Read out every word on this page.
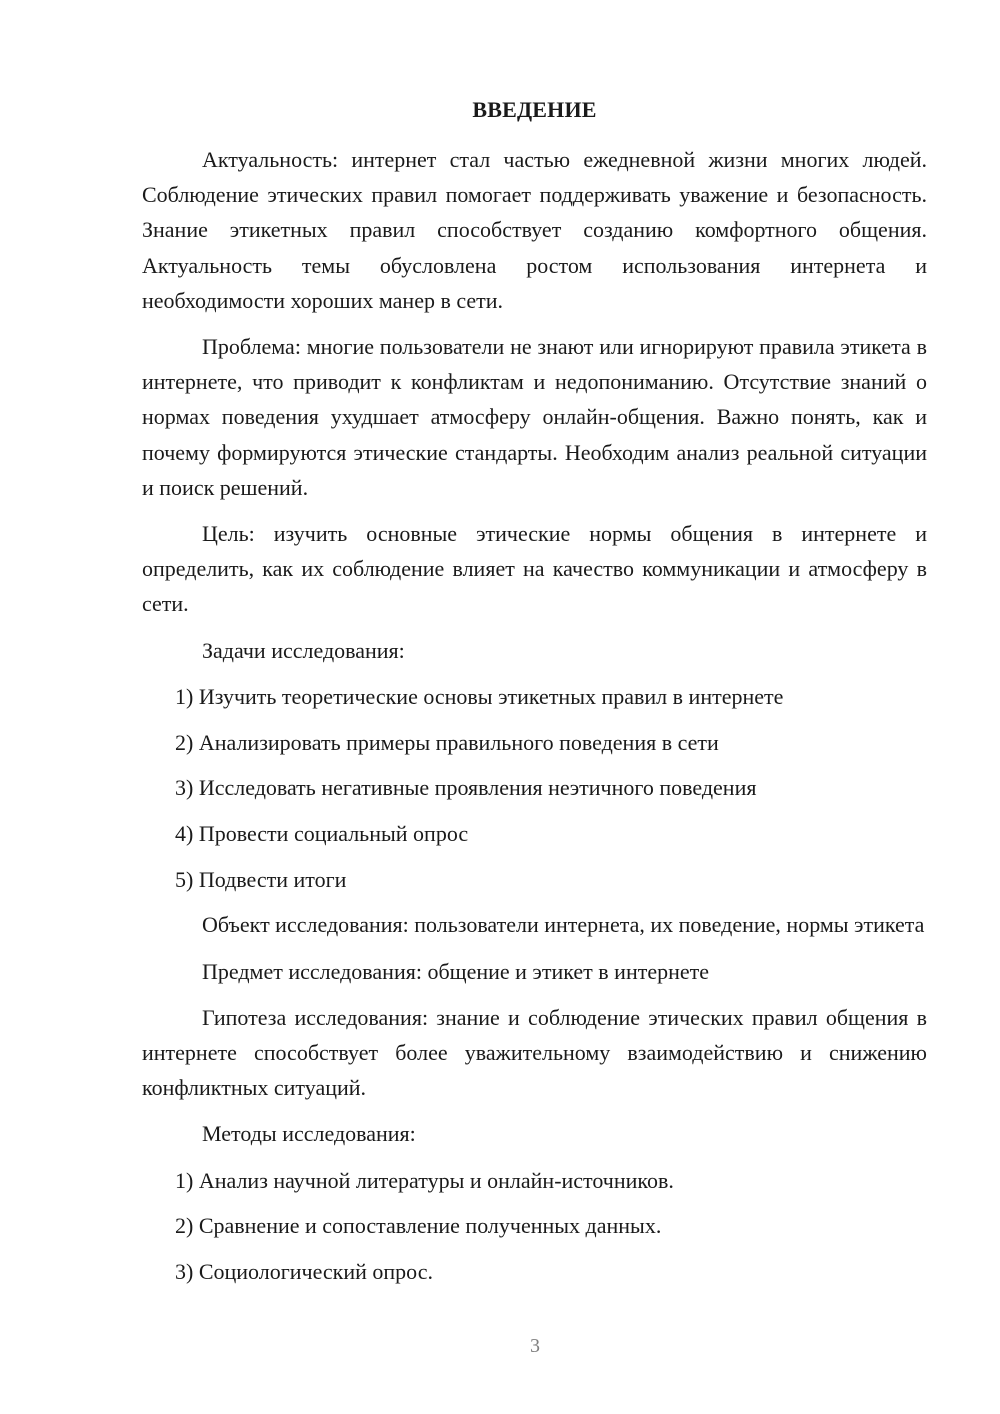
ВВЕДЕНИЕ

Актуальность: интернет стал частью ежедневной жизни многих людей. Соблюдение этических правил помогает поддерживать уважение и безопасность. Знание этикетных правил способствует созданию комфортного общения. Актуальность темы обусловлена ростом использования интернета и необходимости хороших манер в сети.

Проблема: многие пользователи не знают или игнорируют правила этикета в интернете, что приводит к конфликтам и недопониманию. Отсутствие знаний о нормах поведения ухудшает атмосферу онлайн-общения. Важно понять, как и почему формируются этические стандарты. Необходим анализ реальной ситуации и поиск решений.

Цель: изучить основные этические нормы общения в интернете и определить, как их соблюдение влияет на качество коммуникации и атмосферу в сети.

Задачи исследования:

1) Изучить теоретические основы этикетных правил в интернете
2) Анализировать примеры правильного поведения в сети
3) Исследовать негативные проявления неэтичного поведения
4) Провести социальный опрос
5) Подвести итоги

Объект исследования: пользователи интернета, их поведение, нормы этикета

Предмет исследования: общение и этикет в интернете

Гипотеза исследования: знание и соблюдение этических правил общения в интернете способствует более уважительному взаимодействию и снижению конфликтных ситуаций.

Методы исследования:

1) Анализ научной литературы и онлайн-источников.
2) Сравнение и сопоставление полученных данных.
3) Социологический опрос.
3
